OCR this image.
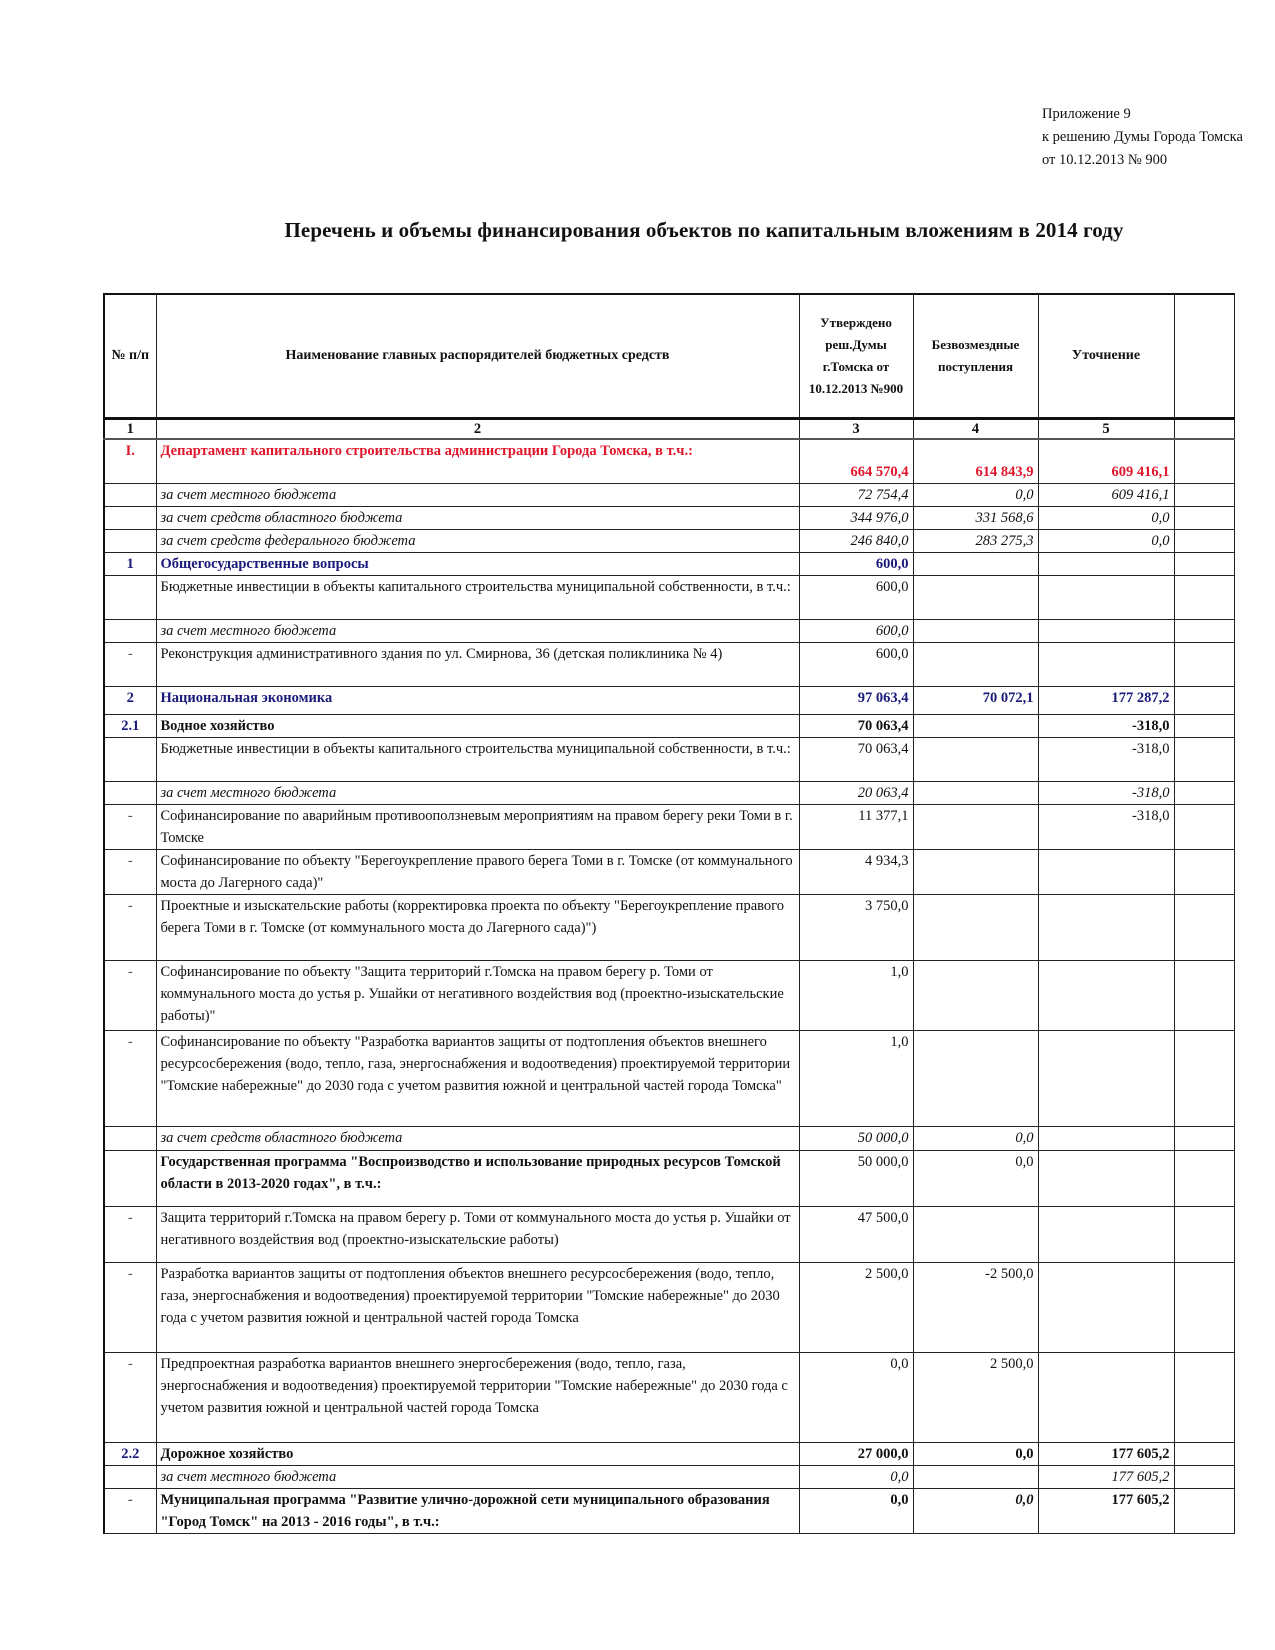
Приложение 9
к решению Думы Города Томска
от 10.12.2013 № 900
Перечень и объемы финансирования объектов по капитальным вложениям в 2014 году
№ п/п	Наименование главных распорядителей бюджетных средств	Утверждено реш.Думы г.Томска от 10.12.2013 №900	Безвозмездные поступления	Уточнение	
1	2	3	4	5	
I.	Департамент капитального строительства администрации Города Томска, в т.ч.:	664 570,4	614 843,9	609 416,1	
	за счет местного бюджета	72 754,4	0,0	609 416,1	
	за счет средств областного бюджета	344 976,0	331 568,6	0,0	
	за счет средств федерального бюджета	246 840,0	283 275,3	0,0	
1	Общегосударственные вопросы	600,0			
	Бюджетные инвестиции в объекты капитального строительства муниципальной собственности, в т.ч.:	600,0			
	за счет местного бюджета	600,0			
-	Реконструкция административного здания по ул. Смирнова, 36 (детская поликлиника № 4)	600,0			
2	Национальная экономика	97 063,4	70 072,1	177 287,2	
2.1	Водное хозяйство	70 063,4		-318,0	
	Бюджетные инвестиции в объекты капитального строительства муниципальной собственности, в т.ч.:	70 063,4		-318,0	
	за счет местного бюджета	20 063,4		-318,0	
-	Софинансирование по аварийным противооползневым мероприятиям на правом берегу реки Томи в г. Томске	11 377,1		-318,0	
-	Софинансирование по объекту "Берегоукрепление правого берега Томи в г. Томске (от коммунального моста до Лагерного сада)"	4 934,3			
-	Проектные и изыскательские работы (корректировка проекта по объекту "Берегоукрепление правого берега Томи в г. Томске (от коммунального моста до Лагерного сада)")	3 750,0			
-	Софинансирование по объекту "Защита территорий г.Томска на правом берегу р. Томи от коммунального моста до устья р. Ушайки от негативного воздействия вод (проектно-изыскательские работы)"	1,0			
-	Софинансирование по объекту "Разработка вариантов защиты от подтопления объектов внешнего ресурсосбережения (водо, тепло, газа, энергоснабжения и водоотведения) проектируемой территории "Томские набережные" до 2030 года с учетом развития южной и центральной частей города Томска"	1,0			
	за счет средств областного бюджета	50 000,0	0,0		
	Государственная программа "Воспроизводство и использование природных ресурсов Томской области в 2013-2020 годах", в т.ч.:	50 000,0	0,0		
-	Защита территорий г.Томска на правом берегу р. Томи от коммунального моста до устья р. Ушайки от негативного воздействия вод (проектно-изыскательские работы)	47 500,0			
-	Разработка вариантов защиты от подтопления объектов внешнего ресурсосбережения (водо, тепло, газа, энергоснабжения и водоотведения) проектируемой территории "Томские набережные" до 2030 года с учетом развития южной и центральной частей города Томска	2 500,0	-2 500,0		
-	Предпроектная разработка вариантов внешнего энергосбережения (водо, тепло, газа, энергоснабжения и водоотведения) проектируемой территории "Томские набережные" до 2030 года с учетом развития южной и центральной частей города Томска	0,0	2 500,0		
2.2	Дорожное хозяйство	27 000,0	0,0	177 605,2	
	за счет местного бюджета	0,0		177 605,2	
-	Муниципальная программа "Развитие улично-дорожной сети муниципального образования "Город Томск" на 2013 - 2016 годы", в т.ч.:	0,0	0,0	177 605,2	
